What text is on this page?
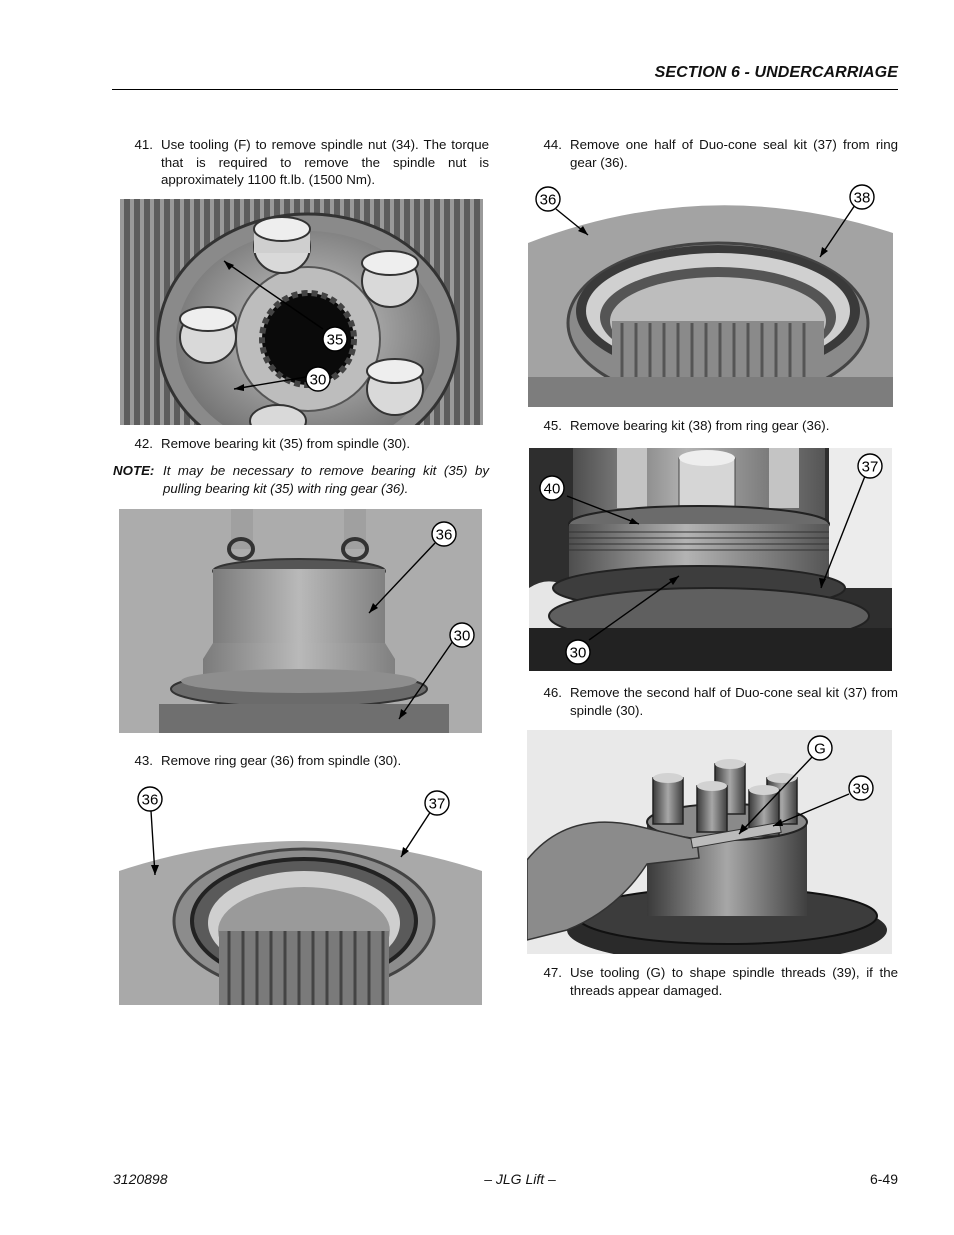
SECTION 6 - UNDERCARRIAGE
41. Use tooling (F) to remove spindle nut (34). The torque that is required to remove the spindle nut is approximately 1100 ft.lb. (1500 Nm).
35
30
42. Remove bearing kit (35) from spindle (30).
NOTE: It may be necessary to remove bearing kit (35) by pulling bearing kit (35) with ring gear (36).
36
30
43. Remove ring gear (36) from spindle (30).
36	37
44. Remove one half of Duo-cone seal kit (37) from ring gear (36).
36	38
45. Remove bearing kit (38) from ring gear (36).
37
40
30
46. Remove the second half of Duo-cone seal kit (37) from spindle (30).
G
39
47. Use tooling (G) to shape spindle threads (39), if the threads appear damaged.
3120898	– JLG Lift –	6-49
